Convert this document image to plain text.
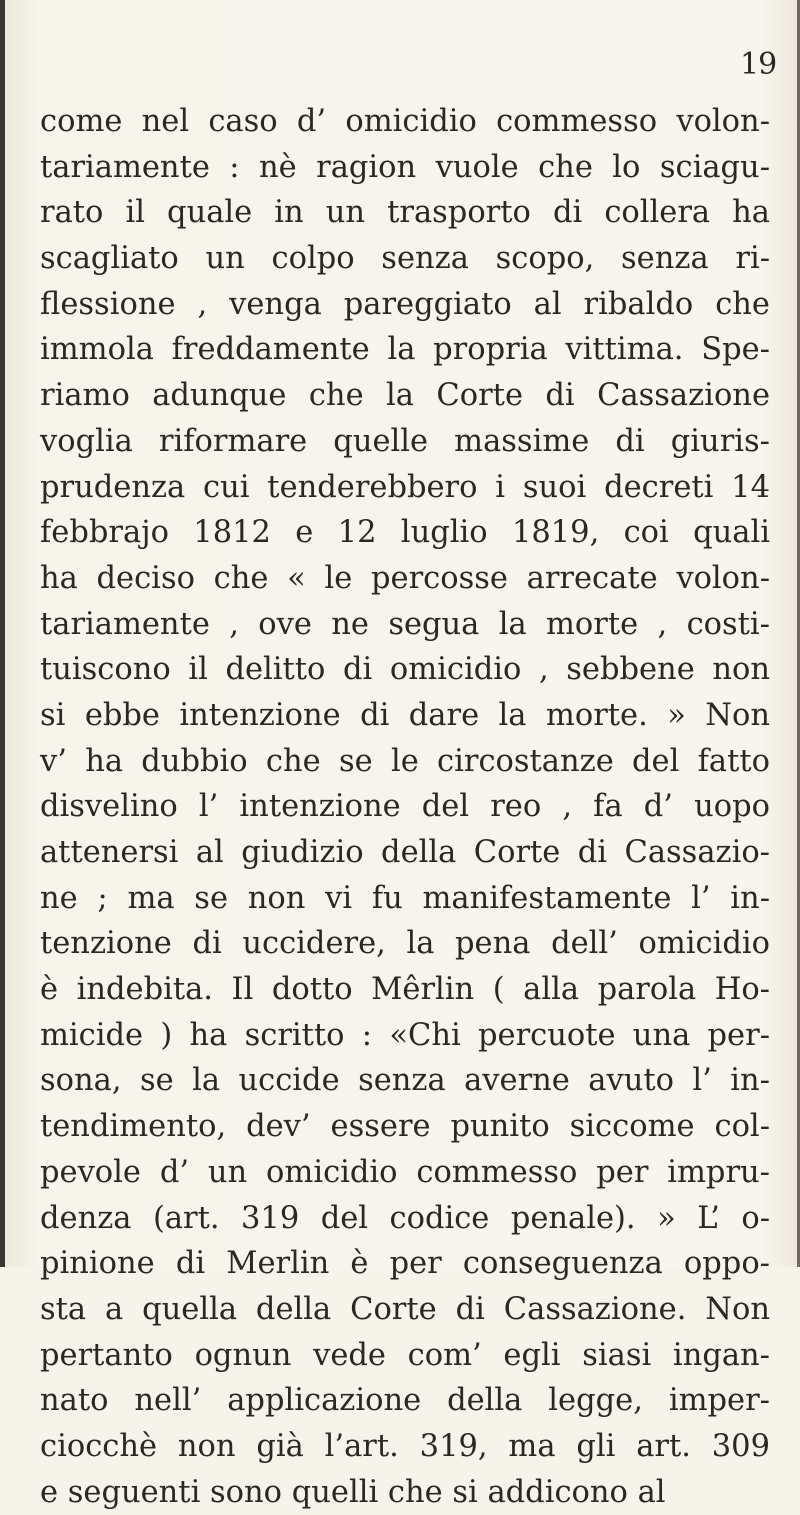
19
come nel caso d’ omicidio commesso volon-
tariamente : nè ragion vuole che lo sciagu-
rato il quale in un trasporto di collera ha
scagliato un colpo senza scopo, senza ri-
flessione , venga pareggiato al ribaldo che
immola freddamente la propria vittima. Spe-
riamo adunque che la Corte di Cassazione
voglia riformare quelle massime di giuris-
prudenza cui tenderebbero i suoi decreti 14
febbrajo 1812 e 12 luglio 1819, coi quali
ha deciso che « le percosse arrecate volon-
tariamente , ove ne segua la morte , costi-
tuiscono il delitto di omicidio , sebbene non
si ebbe intenzione di dare la morte. » Non
v’ ha dubbio che se le circostanze del fatto
disvelino l’ intenzione del reo , fa d’ uopo
attenersi al giudizio della Corte di Cassazio-
ne ; ma se non vi fu manifestamente l’ in-
tenzione di uccidere, la pena dell’ omicidio
è indebita. Il dotto Mêrlin ( alla parola Ho-
micide ) ha scritto : «Chi percuote una per-
sona, se la uccide senza averne avuto l’ in-
tendimento, dev’ essere punito siccome col-
pevole d’ un omicidio commesso per impru-
denza (art. 319 del codice penale). » L’ o-
pinione di Merlin è per conseguenza oppo-
sta a quella della Corte di Cassazione. Non
pertanto ognun vede com’ egli siasi ingan-
nato nell’ applicazione della legge, imper-
ciocchè non già l’art. 319, ma gli art. 309
e seguenti sono quelli che si addicono al
